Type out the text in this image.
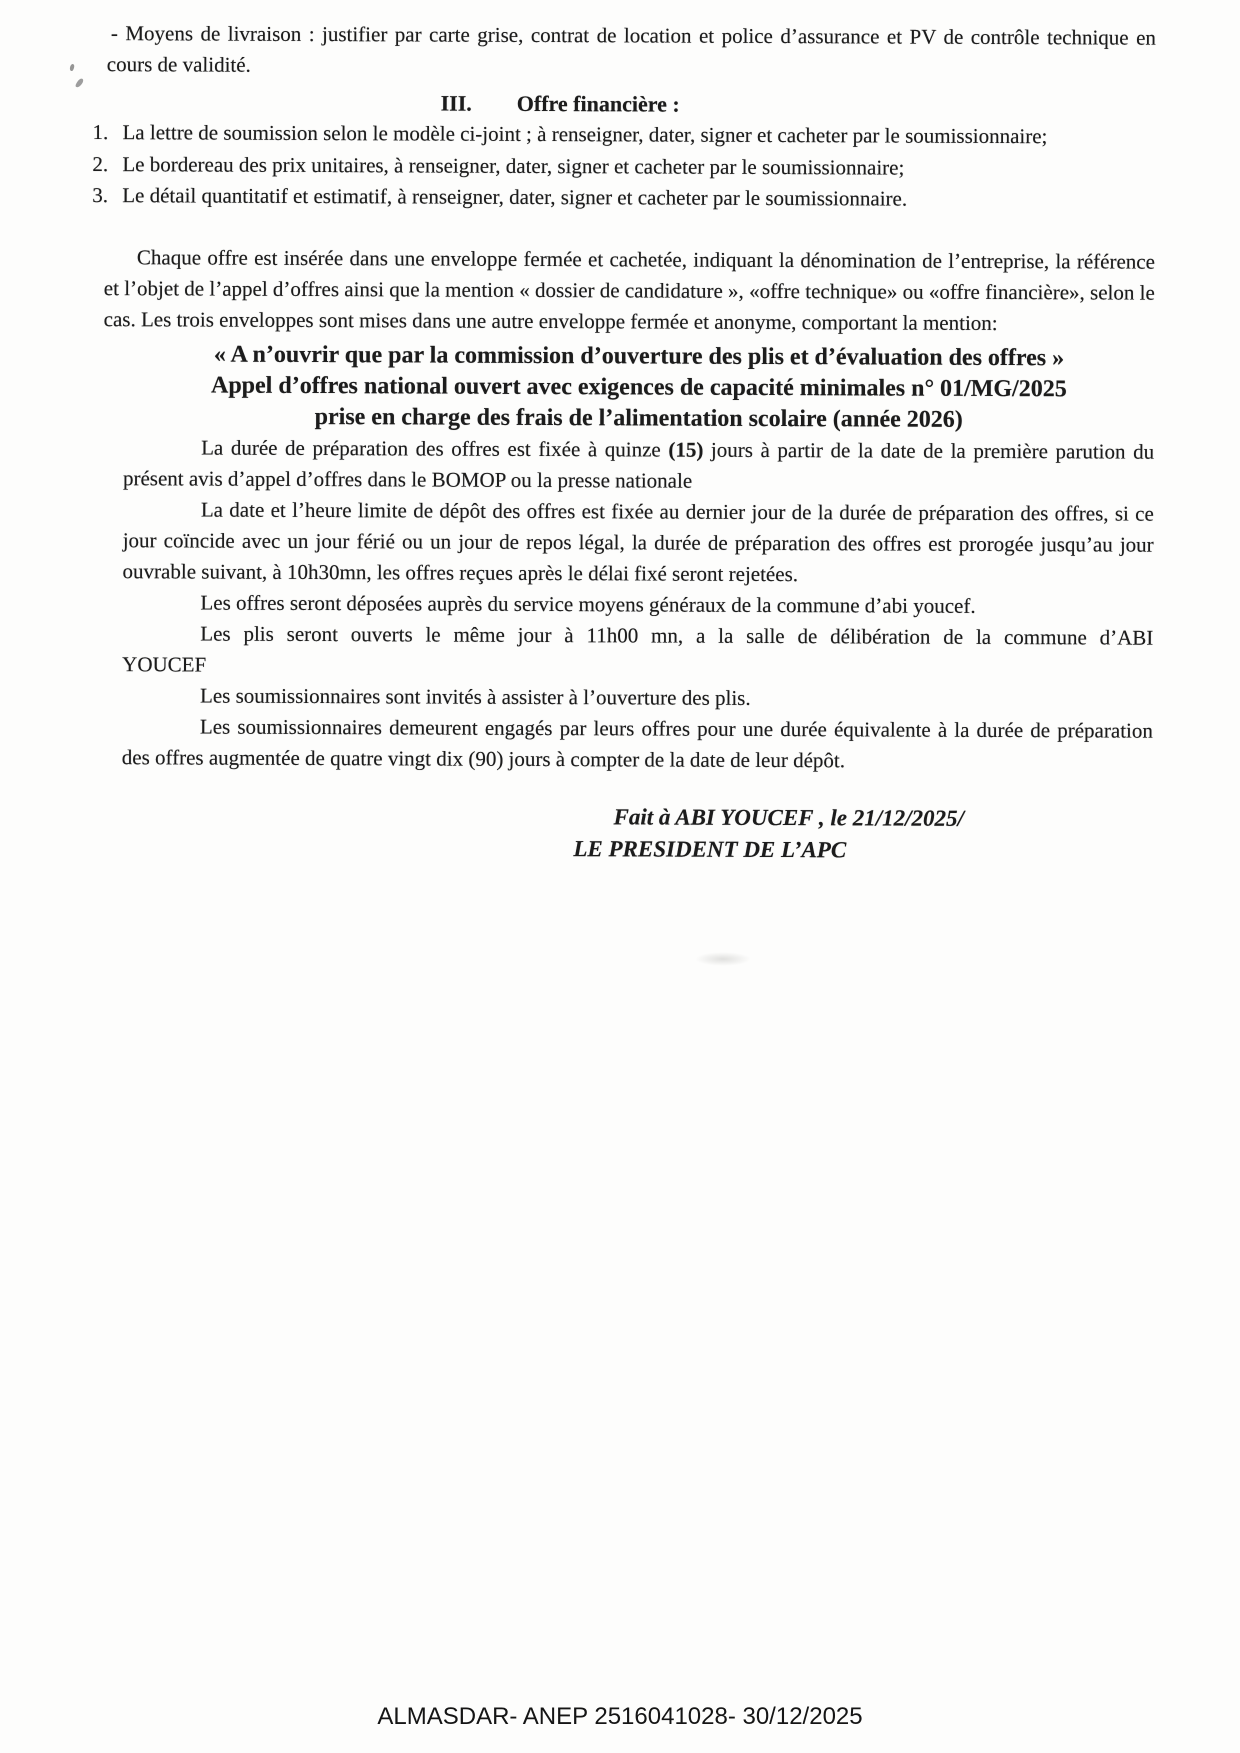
- Moyens de livraison : justifier par carte grise, contrat de location et police d’assurance et PV de contrôle technique en cours de validité.

III. Offre financière :
1. La lettre de soumission selon le modèle ci-joint ; à renseigner, dater, signer et cacheter par le soumissionnaire;
2. Le bordereau des prix unitaires, à renseigner, dater, signer et cacheter par le soumissionnaire;
3. Le détail quantitatif et estimatif, à renseigner, dater, signer et cacheter par le soumissionnaire.

Chaque offre est insérée dans une enveloppe fermée et cachetée, indiquant la dénomination de l’entreprise, la référence et l’objet de l’appel d’offres ainsi que la mention « dossier de candidature », «offre technique» ou «offre financière», selon le cas. Les trois enveloppes sont mises dans une autre enveloppe fermée et anonyme, comportant la mention:

« A n’ouvrir que par la commission d’ouverture des plis et d’évaluation des offres »
Appel d’offres national ouvert avec exigences de capacité minimales n° 01/MG/2025
prise en charge des frais de l’alimentation scolaire (année 2026)

La durée de préparation des offres est fixée à quinze (15) jours à partir de la date de la première parution du présent avis d’appel d’offres dans le BOMOP ou la presse nationale

La date et l’heure limite de dépôt des offres est fixée au dernier jour de la durée de préparation des offres, si ce jour coïncide avec un jour férié ou un jour de repos légal, la durée de préparation des offres est prorogée jusqu’au jour ouvrable suivant, à 10h30mn, les offres reçues après le délai fixé seront rejetées.

Les offres seront déposées auprès du service moyens généraux de la commune d’abi youcef.

Les plis seront ouverts le même jour à 11h00 mn, a la salle de délibération de la commune d’ABI YOUCEF

Les soumissionnaires sont invités à assister à l’ouverture des plis.

Les soumissionnaires demeurent engagés par leurs offres pour une durée équivalente à la durée de préparation des offres augmentée de quatre vingt dix (90) jours à compter de la date de leur dépôt.

Fait à ABI YOUCEF , le 21/12/2025/
LE PRESIDENT DE L’APC
ALMASDAR- ANEP 2516041028- 30/12/2025
